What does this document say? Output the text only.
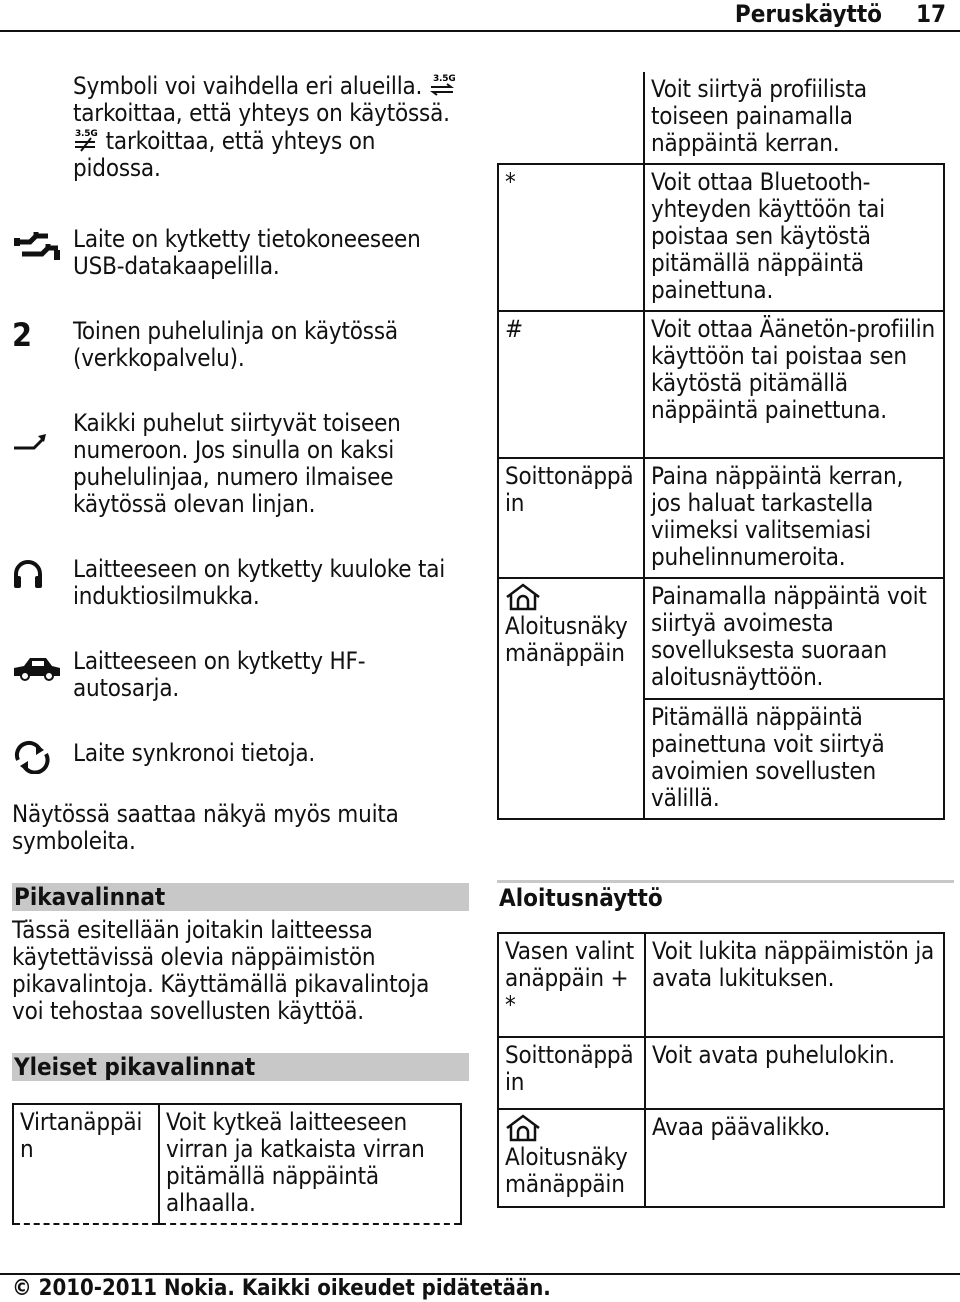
Peruskäyttö 17
Symboli voi vaihdella eri alueilla. 3.5G

tarkoittaa, että yhteys on käytössä.

3.5G tarkoittaa, että yhteys on pidossa.
Laite on kytketty tietokoneeseen USB-datakaapelilla.
2	Toinen puhelulinja on käytössä (verkkopalvelu).
Kaikki puhelut siirtyvät toiseen numeroon. Jos sinulla on kaksi puhelulinjaa, numero ilmaisee käytössä olevan linjan.
Laitteeseen on kytketty kuuloke tai induktiosilmukka.
Laitteeseen on kytketty HF-autosarja.
Laite synkronoi tietoja.
Näytössä saattaa näkyä myös muita symboleita.
Pikavalinnat
Tässä esitellään joitakin laitteessa käytettävissä olevia näppäimistön pikavalintoja. Käyttämällä pikavalintoja voi tehostaa sovellusten käyttöä.
Yleiset pikavalinnat
Virtanäppäin	Voit kytkeä laitteeseen virran ja katkaista virran pitämällä näppäintä alhaalla.
	Voit siirtyä profiilista toiseen painamalla näppäintä kerran.
*	Voit ottaa Bluetooth-yhteyden käyttöön tai poistaa sen käytöstä pitämällä näppäintä painettuna.
#	Voit ottaa Äänetön-profiilin käyttöön tai poistaa sen käytöstä pitämällä näppäintä painettuna.
Soittonäppäin	Paina näppäintä kerran, jos haluat tarkastella viimeksi valitsemiasi puhelinnumeroita.

Aloitusnäkymänäppäin	Painamalla näppäintä voit siirtyä avoimesta sovelluksesta suoraan aloitusnäyttöön.
	Pitämällä näppäintä painettuna voit siirtyä avoimien sovellusten välillä.
Aloitusnäyttö
Vasen valintanäppäin + *	Voit lukita näppäimistön ja avata lukituksen.
Soittonäppäin	Voit avata puhelulokin.

Aloitusnäkymänäppäin	Avaa päävalikko.
© 2010-2011 Nokia. Kaikki oikeudet pidätetään.
